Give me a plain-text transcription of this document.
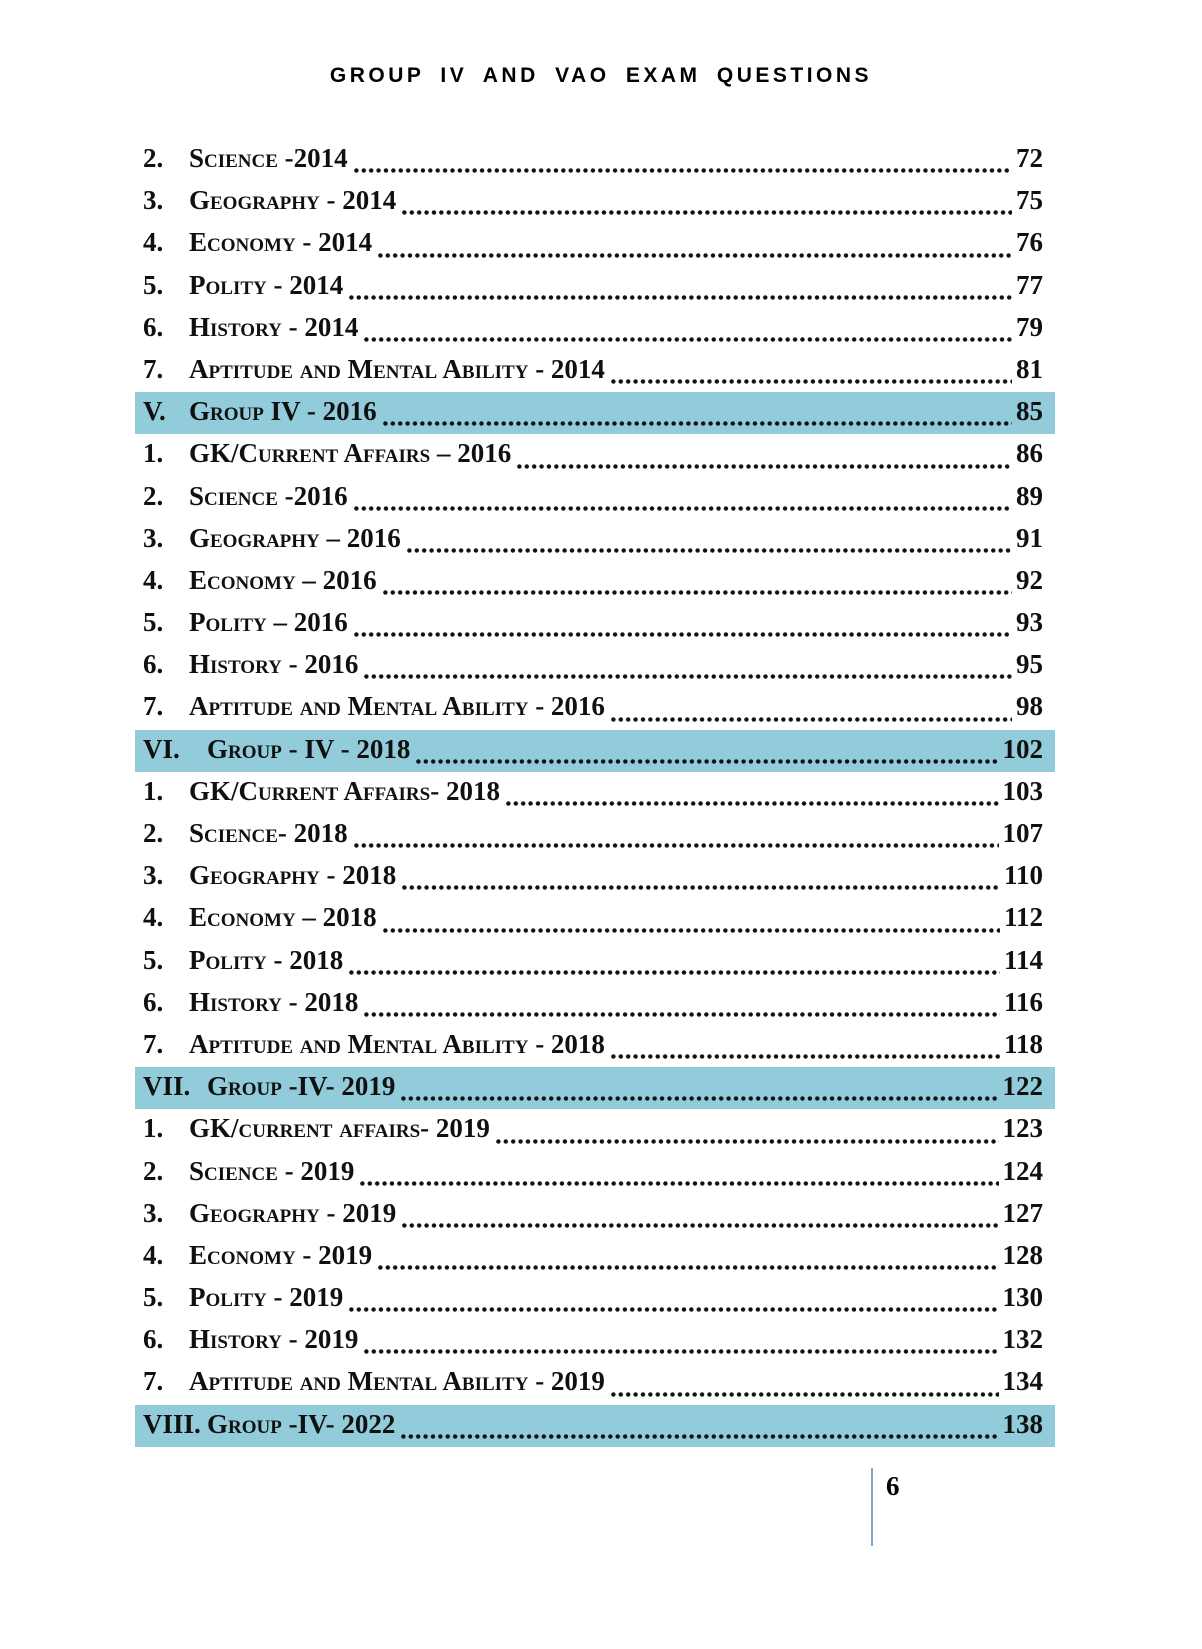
GROUP IV AND VAO EXAM QUESTIONS
2. Science -2014	72
3. Geography - 2014	75
4. Economy - 2014	76
5. Polity - 2014	77
6. History - 2014	79
7. Aptitude and Mental Ability - 2014	81
V. Group IV - 2016	85
1. GK/Current Affairs – 2016	86
2. Science -2016	89
3. Geography – 2016	91
4. Economy – 2016	92
5. Polity – 2016	93
6. History - 2016	95
7. Aptitude and Mental Ability - 2016	98
VI.	Group - IV - 2018	102
1. GK/Current Affairs- 2018	103
2. Science- 2018	107
3. Geography - 2018	110
4. Economy – 2018	112
5. Polity - 2018	114
6. History - 2018	116
7. Aptitude and Mental Ability - 2018	118
VII. Group -IV- 2019	122
1. GK/current affairs- 2019	123
2. Science - 2019	124
3. Geography - 2019	127
4. Economy - 2019	128
5. Polity - 2019	130
6. History - 2019	132
7. Aptitude and Mental Ability - 2019	134
VIII. Group -IV- 2022	138
6
